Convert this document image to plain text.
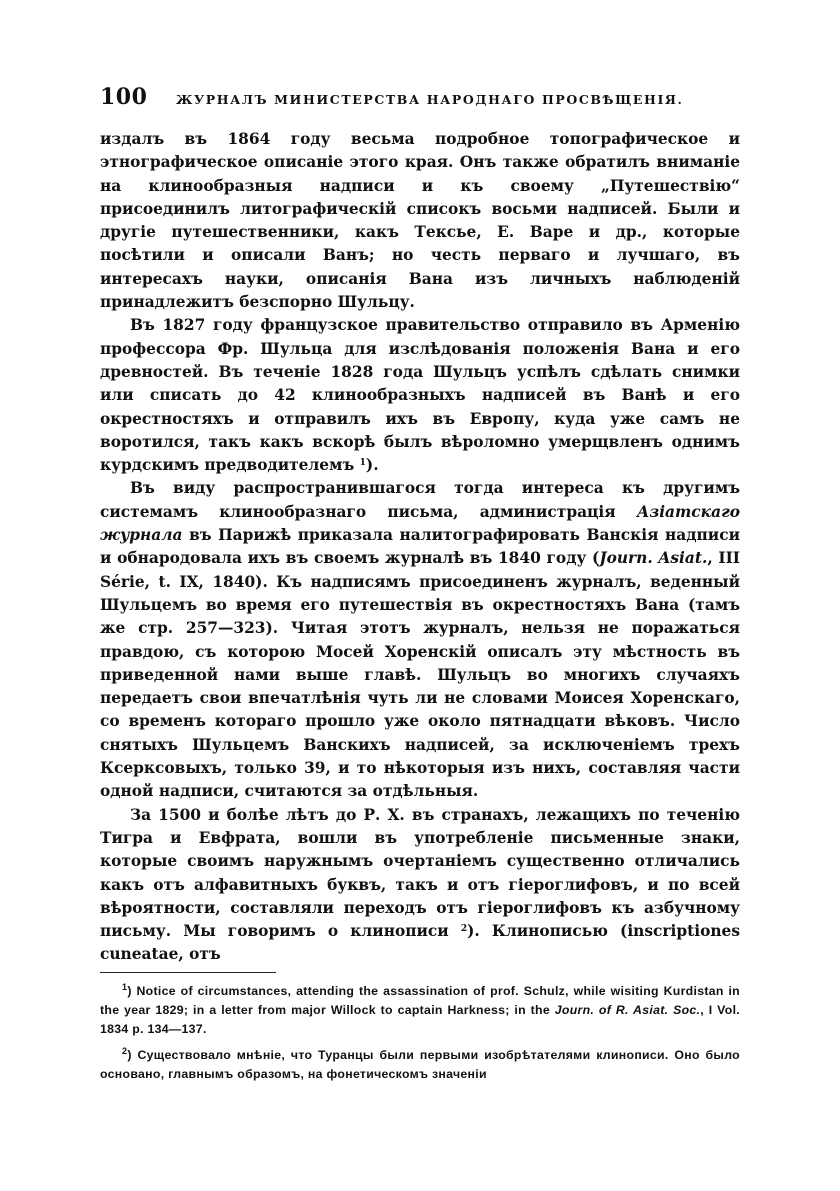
100 ЖУРНАЛЪ МИНИСТЕРСТВА НАРОДНАГО ПРОСВѢЩЕНІЯ.

издалъ въ 1864 году весьма подробное топографическое и этнографическое описаніе этого края. Онъ также обратилъ вниманіе на клинообразныя надписи и къ своему „Путешествію“ присоединилъ литографическій списокъ восьми надписей. Были и другіе путешественники, какъ Тексье, Е. Варе и др., которые посѣтили и описали Ванъ; но честь перваго и лучшаго, въ интересахъ науки, описанія Вана изъ личныхъ наблюденій принадлежитъ безспорно Шульцу.

Въ 1827 году французское правительство отправило въ Арменію профессора Фр. Шульца для изслѣдованія положенія Вана и его древностей. Въ теченіе 1828 года Шульцъ успѣлъ сдѣлать снимки или списать до 42 клинообразныхъ надписей въ Ванѣ и его окрестностяхъ и отправилъ ихъ въ Европу, куда уже самъ не воротился, такъ какъ вскорѣ былъ вѣроломно умерщвленъ однимъ курдскимъ предводителемъ $^1$).

Въ виду распространившагося тогда интереса къ другимъ системамъ клинообразнаго письма, администрація Азіатскаго журнала въ Парижѣ приказала налитографировать Ванскія надписи и обнародовала ихъ въ своемъ журналѣ въ 1840 году (Journ. Asiat., III Série, t. IX, 1840). Къ надписямъ присоединенъ журналъ, веденный Шульцемъ во время его путешествія въ окрестностяхъ Вана (тамъ же стр. 257—323). Читая этотъ журналъ, нельзя не поражаться правдою, съ которою Мосей Хоренскій описалъ эту мѣстность въ приведенной нами выше главѣ. Шульцъ во многихъ случаяхъ передаетъ свои впечатлѣнія чуть ли не словами Моисея Хоренскаго, со временъ котораго прошло уже около пятнадцати вѣковъ. Число снятыхъ Шульцемъ Ванскихъ надписей, за исключеніемъ трехъ Ксерксовыхъ, только 39, и то нѣкоторыя изъ нихъ, составляя части одной надписи, считаются за отдѣльныя.

За 1500 и болѣе лѣтъ до Р. Х. въ странахъ, лежащихъ по теченію Тигра и Евфрата, вошли въ употребленіе письменные знаки, которые своимъ наружнымъ очертаніемъ существенно отличались какъ отъ алфавитныхъ буквъ, такъ и отъ гіероглифовъ, и по всей вѣроятности, составляли переходъ отъ гіероглифовъ къ азбучному письму. Мы говоримъ о клинописи $^2$). Клинописью (inscriptiones cuneatae, отъ

$^1$) Notice of circumstances, attending the assassination of prof. Schulz, while wisiting Kurdistan in the year 1829; in a letter from major Willock to captain Harkness; in the Journ. of R. Asiat. Soc., I Vol. 1834 p. 134—137.

$^2$) Существовало мнѣніе, что Туранцы были первыми изобрѣтателями клинописи. Оно было основано, главнымъ образомъ, на фонетическомъ значеніи
